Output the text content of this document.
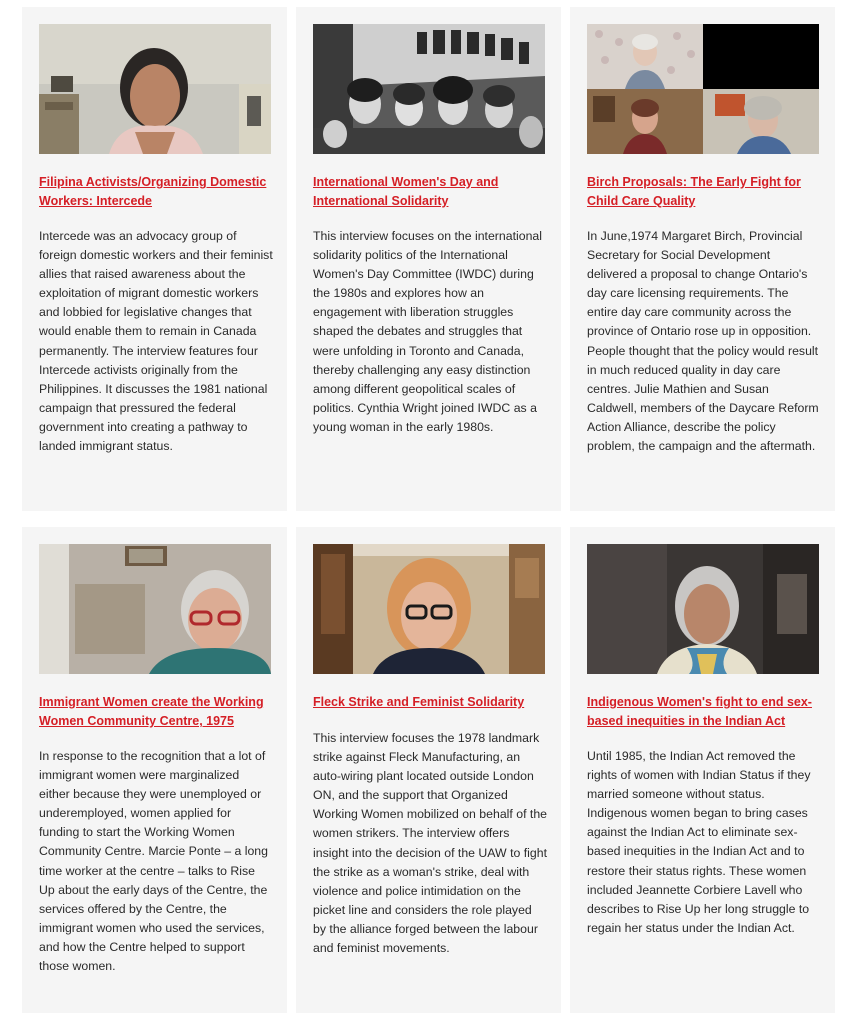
Filipina Activists/Organizing Domestic Workers: Intercede

Intercede was an advocacy group of foreign domestic workers and their feminist allies that raised awareness about the exploitation of migrant domestic workers and lobbied for legislative changes that would enable them to remain in Canada permanently. The interview features four Intercede activists originally from the Philippines. It discusses the 1981 national campaign that pressured the federal government into creating a pathway to landed immigrant status.

International Women's Day and International Solidarity

This interview focuses on the international solidarity politics of the International Women's Day Committee (IWDC) during the 1980s and explores how an engagement with liberation struggles shaped the debates and struggles that were unfolding in Toronto and Canada, thereby challenging any easy distinction among different geopolitical scales of politics. Cynthia Wright joined IWDC as a young woman in the early 1980s.

Birch Proposals: The Early Fight for Child Care Quality

In June,1974 Margaret Birch, Provincial Secretary for Social Development delivered a proposal to change Ontario's day care licensing requirements. The entire day care community across the province of Ontario rose up in opposition. People thought that the policy would result in much reduced quality in day care centres. Julie Mathien and Susan Caldwell, members of the Daycare Reform Action Alliance, describe the policy problem, the campaign and the aftermath.

Immigrant Women create the Working Women Community Centre, 1975

In response to the recognition that a lot of immigrant women were marginalized either because they were unemployed or underemployed, women applied for funding to start the Working Women Community Centre. Marcie Ponte – a long time worker at the centre – talks to Rise Up about the early days of the Centre, the services offered by the Centre, the immigrant women who used the services, and how the Centre helped to support those women.

Fleck Strike and Feminist Solidarity

This interview focuses the 1978 landmark strike against Fleck Manufacturing, an auto-wiring plant located outside London ON, and the support that Organized Working Women mobilized on behalf of the women strikers. The interview offers insight into the decision of the UAW to fight the strike as a woman's strike, deal with violence and police intimidation on the picket line and considers the role played by the alliance forged between the labour and feminist movements.

Indigenous Women's fight to end sex-based inequities in the Indian Act

Until 1985, the Indian Act removed the rights of women with Indian Status if they married someone without status. Indigenous women began to bring cases against the Indian Act to eliminate sex-based inequities in the Indian Act and to restore their status rights. These women included Jeannette Corbiere Lavell who describes to Rise Up her long struggle to regain her status under the Indian Act.
